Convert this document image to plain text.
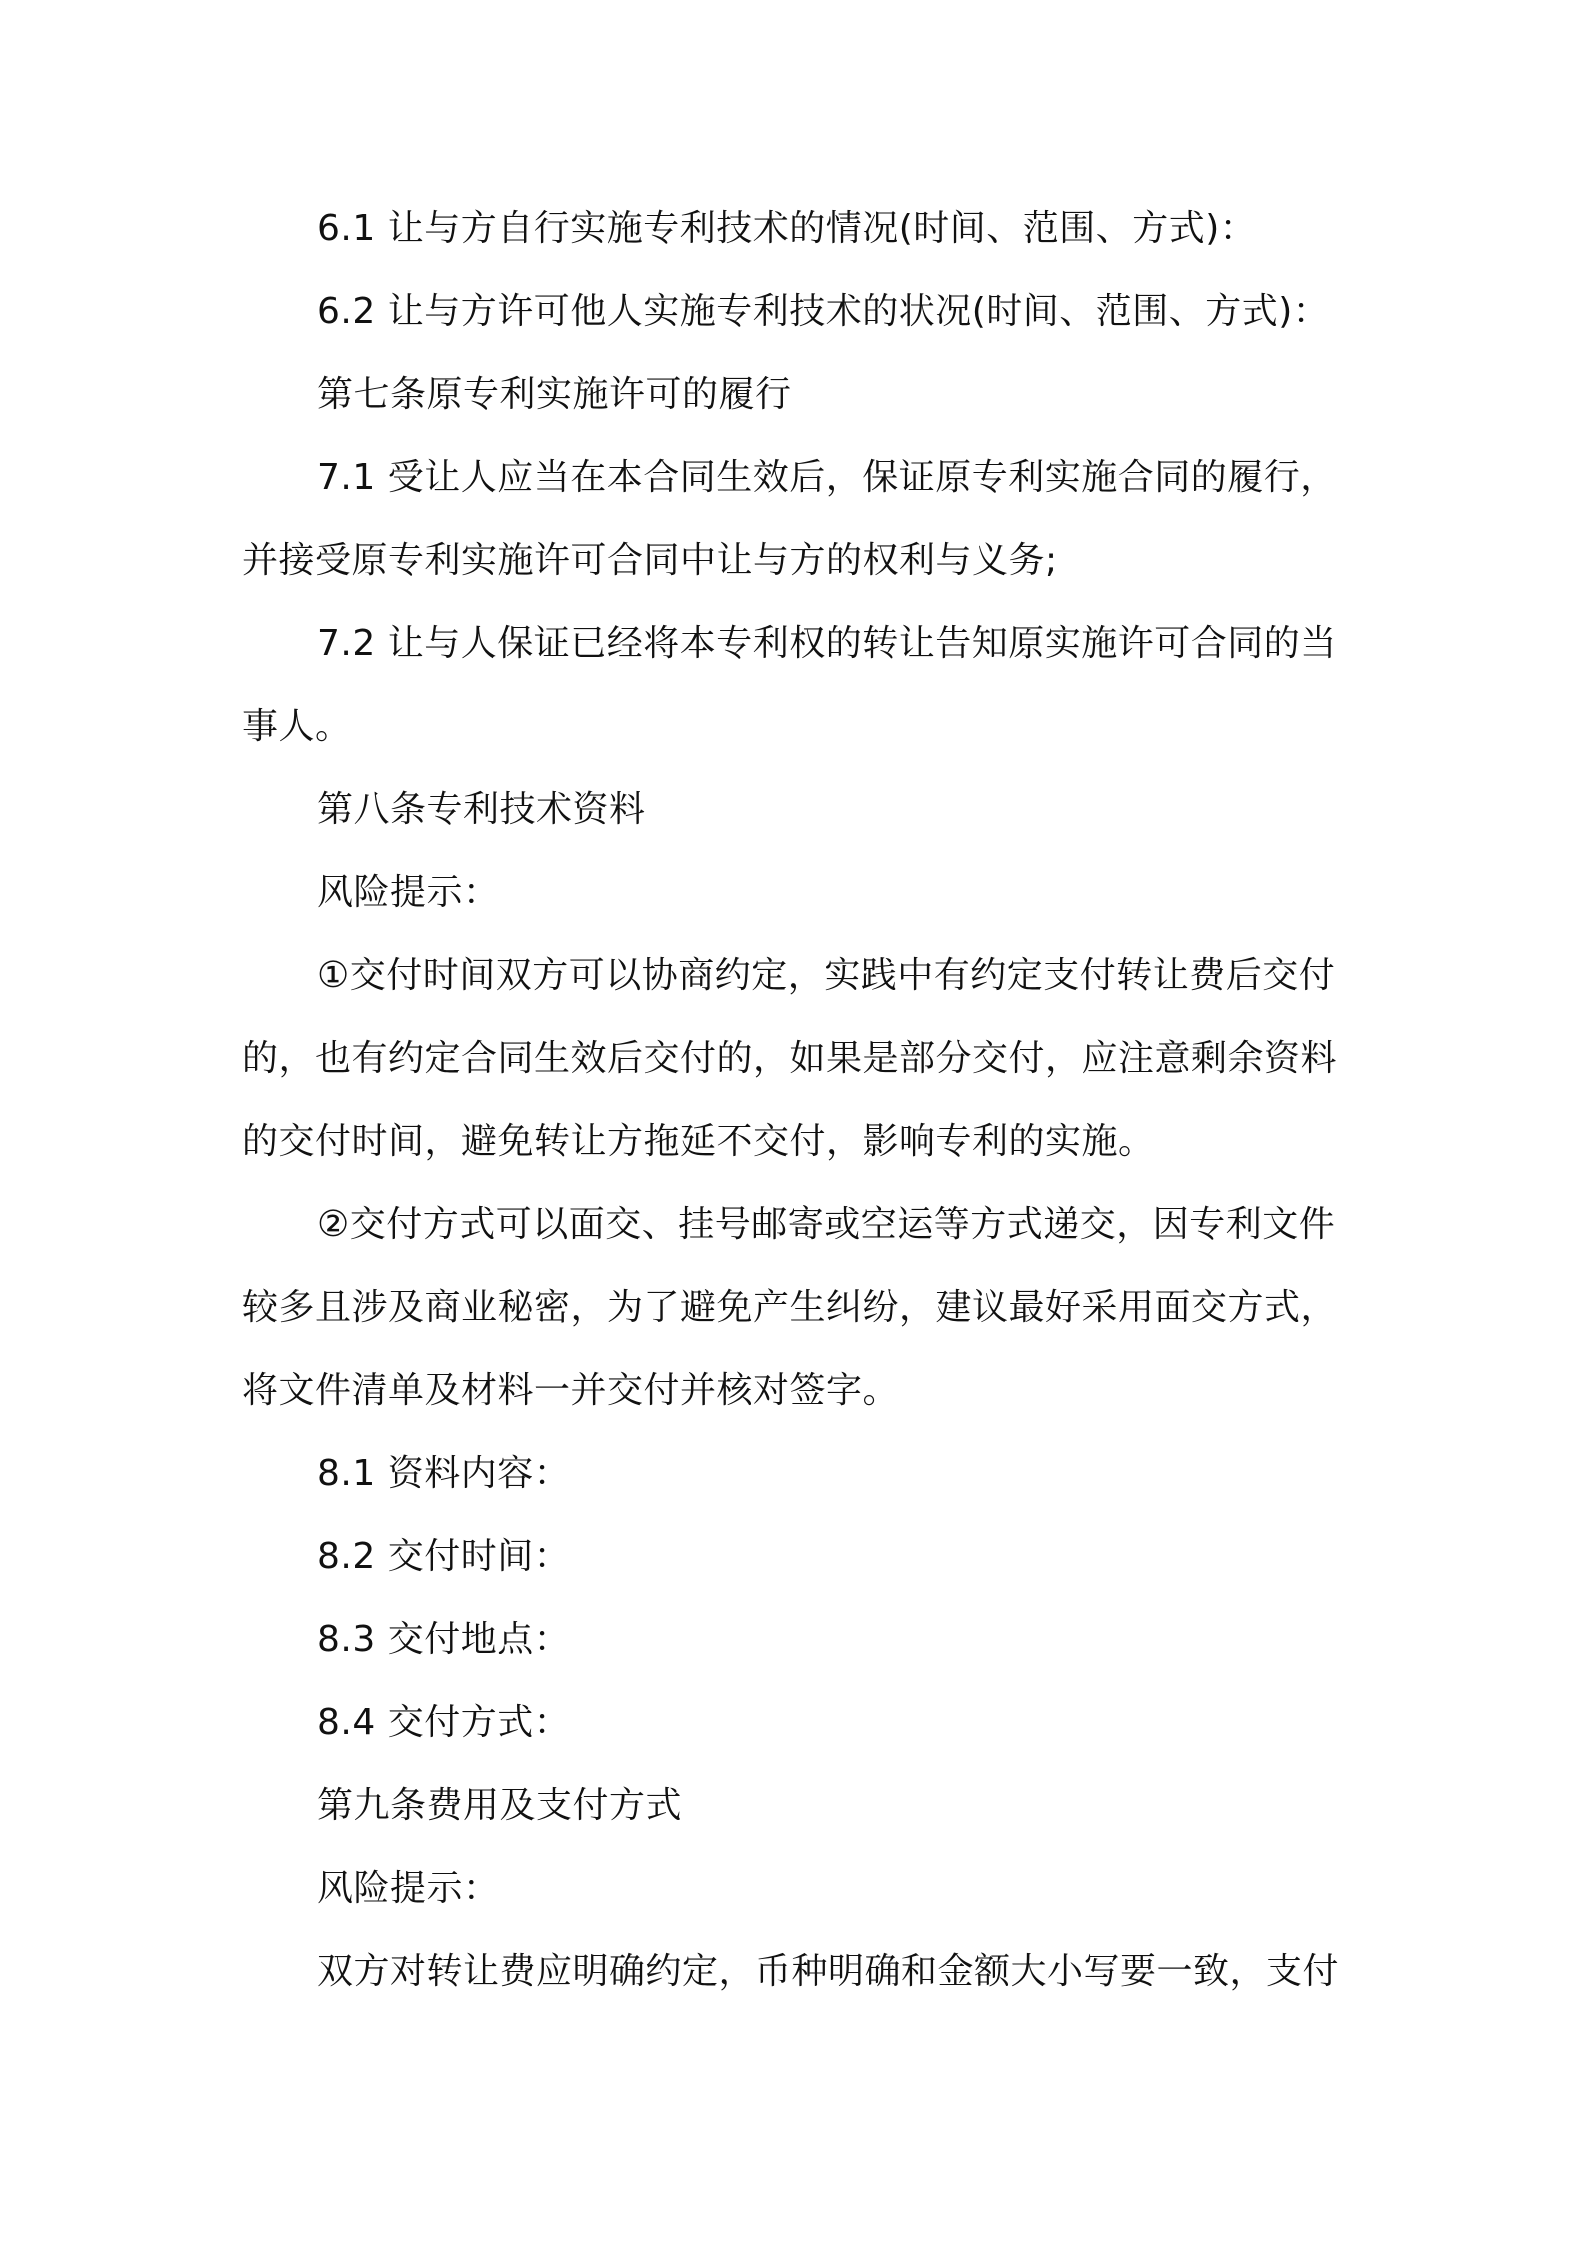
6.1 让与方自行实施专利技术的情况(时间、范围、方式)：
6.2 让与方许可他人实施专利技术的状况(时间、范围、方式)：
第七条原专利实施许可的履行
7.1 受让人应当在本合同生效后，保证原专利实施合同的履行，
并接受原专利实施许可合同中让与方的权利与义务;
7.2 让与人保证已经将本专利权的转让告知原实施许可合同的当
事人。
第八条专利技术资料
风险提示：
①交付时间双方可以协商约定，实践中有约定支付转让费后交付
的，也有约定合同生效后交付的，如果是部分交付，应注意剩余资料
的交付时间，避免转让方拖延不交付，影响专利的实施。
②交付方式可以面交、挂号邮寄或空运等方式递交，因专利文件
较多且涉及商业秘密，为了避免产生纠纷，建议最好采用面交方式，
将文件清单及材料一并交付并核对签字。
8.1 资料内容：
8.2 交付时间：
8.3 交付地点：
8.4 交付方式：
第九条费用及支付方式
风险提示：
双方对转让费应明确约定，币种明确和金额大小写要一致，支付
